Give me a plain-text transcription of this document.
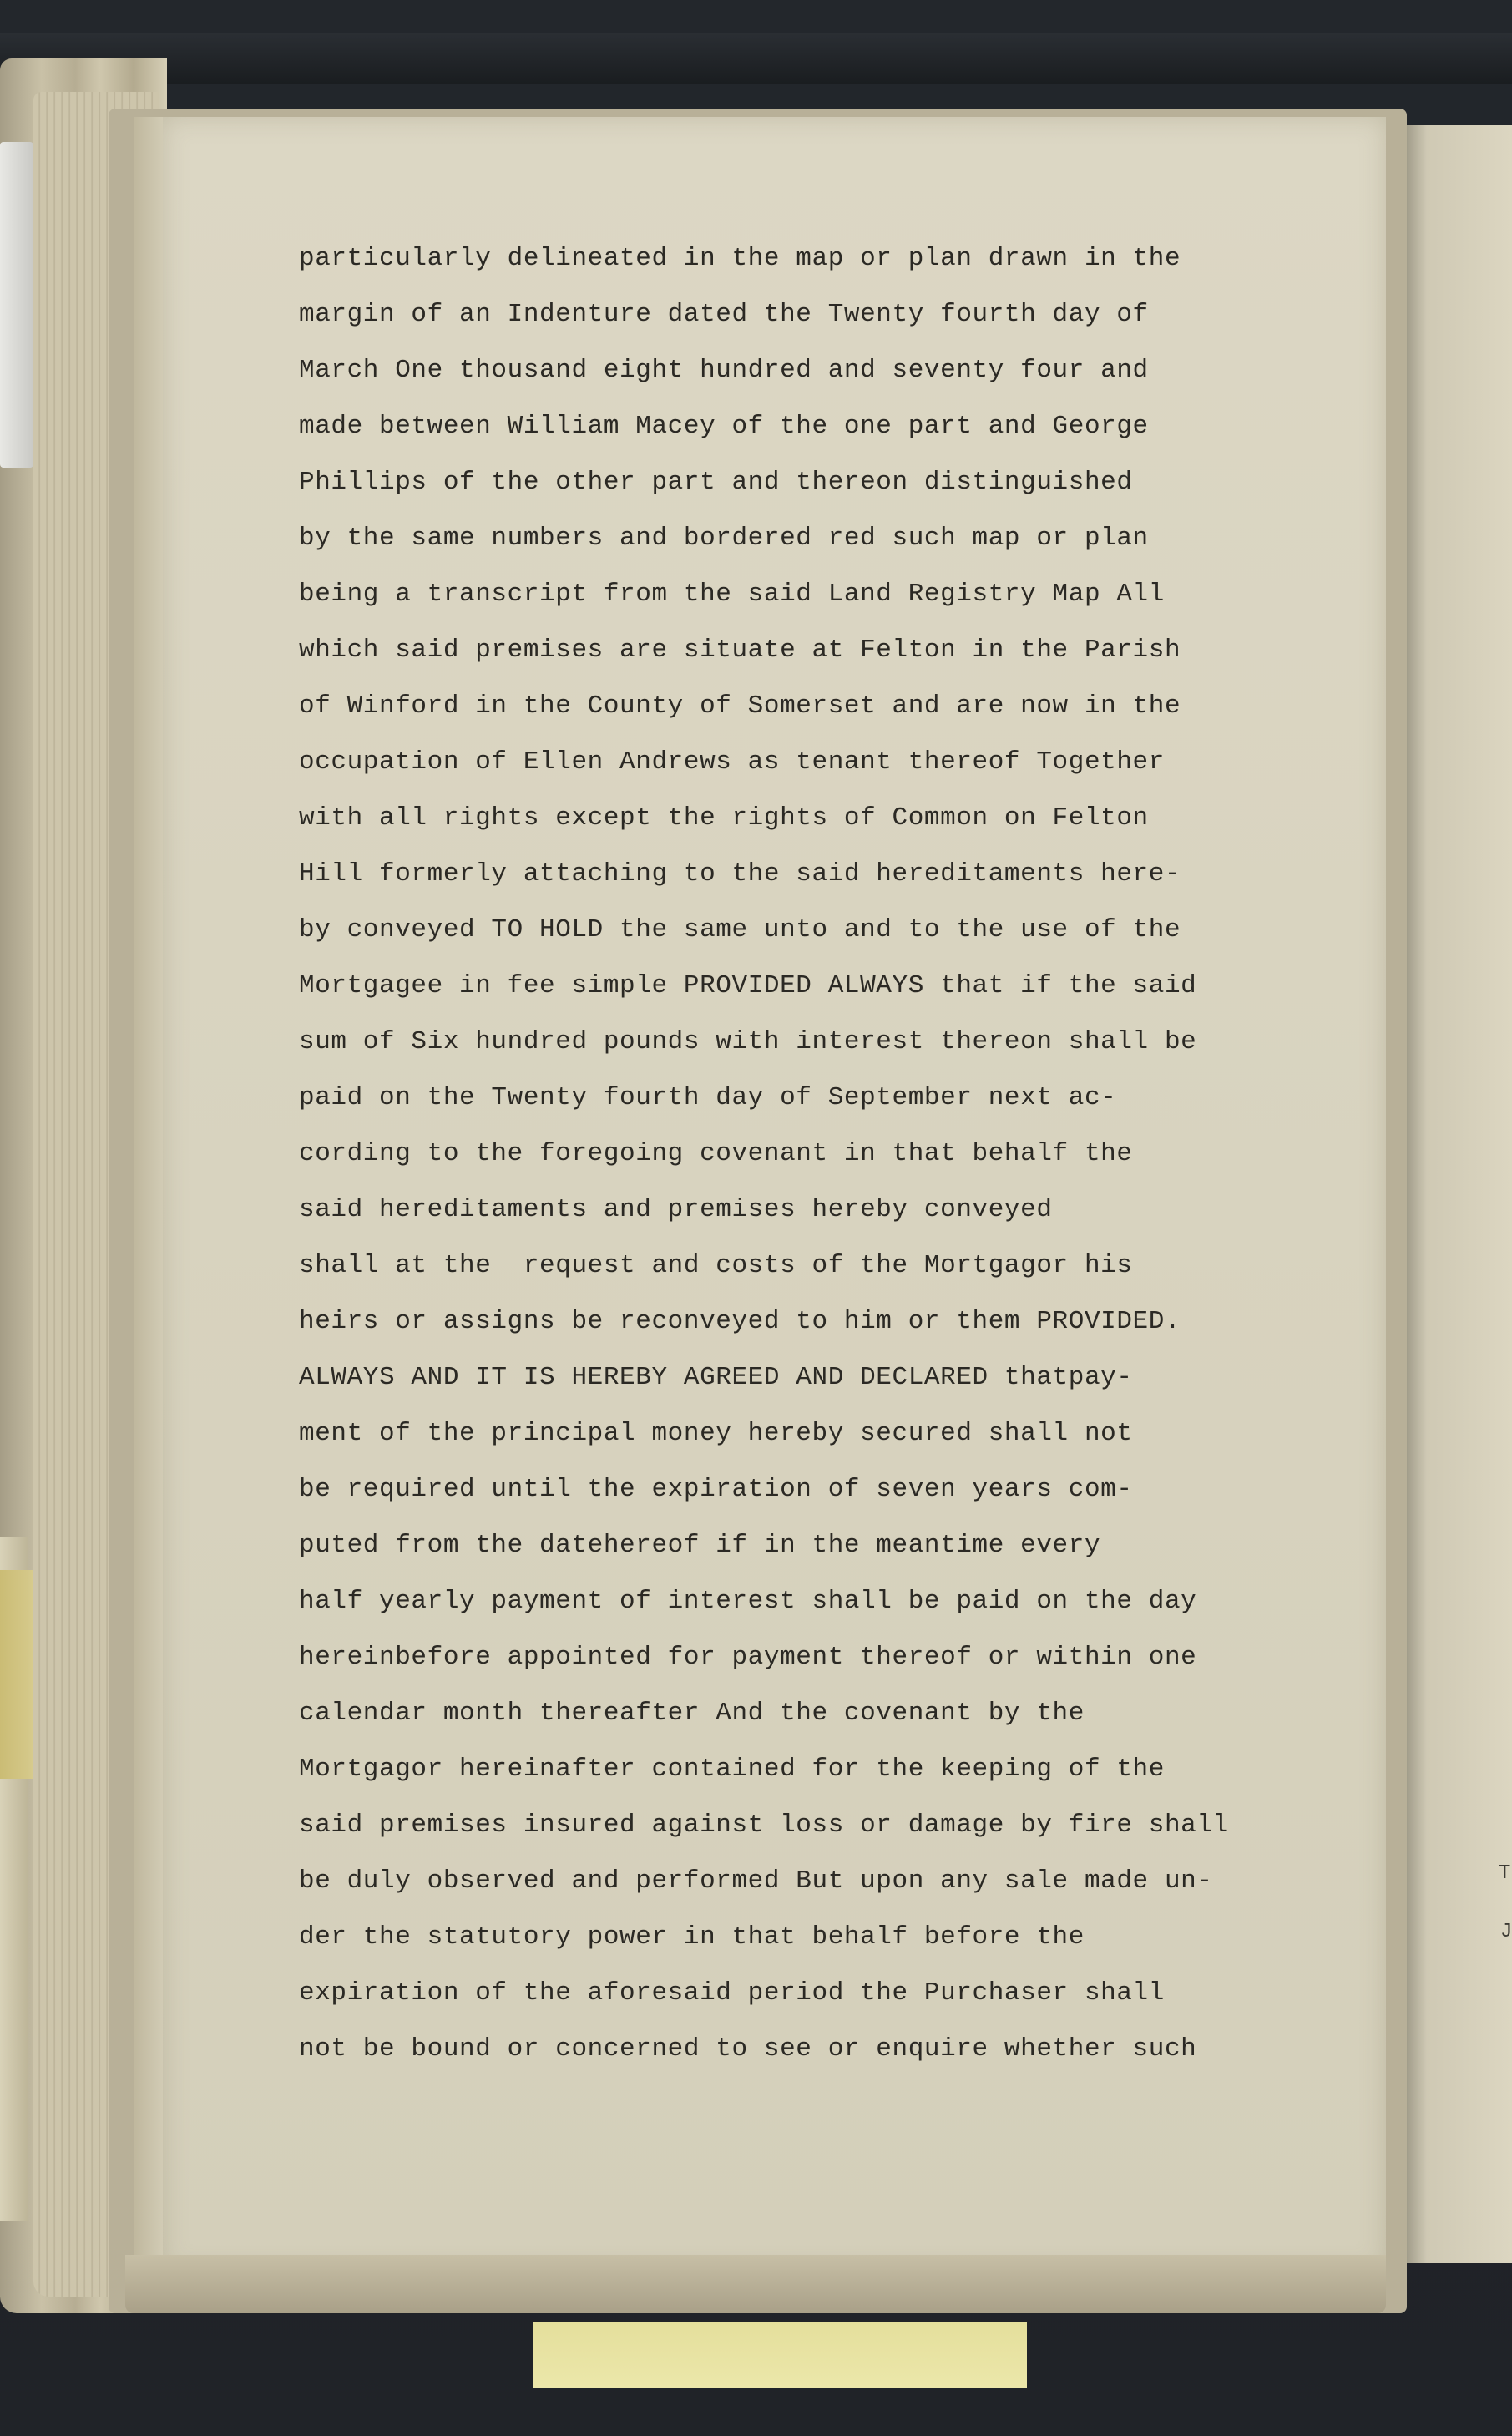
T
J
particularly delineated in the map or plan drawn in the
margin of an Indenture dated the Twenty fourth day of
March One thousand eight hundred and seventy four and
made between William Macey of the one part and George
Phillips of the other part and thereon distinguished
by the same numbers and bordered red such map or plan
being a transcript from the said Land Registry Map All
which said premises are situate at Felton in the Parish
of Winford in the County of Somerset and are now in the
occupation of Ellen Andrews as tenant thereof Together
with all rights except the rights of Common on Felton
Hill formerly attaching to the said hereditaments here-
by conveyed TO HOLD the same unto and to the use of the
Mortgagee in fee simple PROVIDED ALWAYS that if the said
sum of Six hundred pounds with interest thereon shall be
paid on the Twenty fourth day of September next ac-
cording to the foregoing covenant in that behalf the
said hereditaments and premises hereby conveyed
shall at the  request and costs of the Mortgagor his
heirs or assigns be reconveyed to him or them PROVIDED.
ALWAYS AND IT IS HEREBY AGREED AND DECLARED thatpay-
ment of the principal money hereby secured shall not
be required until the expiration of seven years com-
puted from the datehereof if in the meantime every
half yearly payment of interest shall be paid on the day
hereinbefore appointed for payment thereof or within one
calendar month thereafter And the covenant by the
Mortgagor hereinafter contained for the keeping of the
said premises insured against loss or damage by fire shall
be duly observed and performed But upon any sale made un-
der the statutory power in that behalf before the
expiration of the aforesaid period the Purchaser shall
not be bound or concerned to see or enquire whether such
